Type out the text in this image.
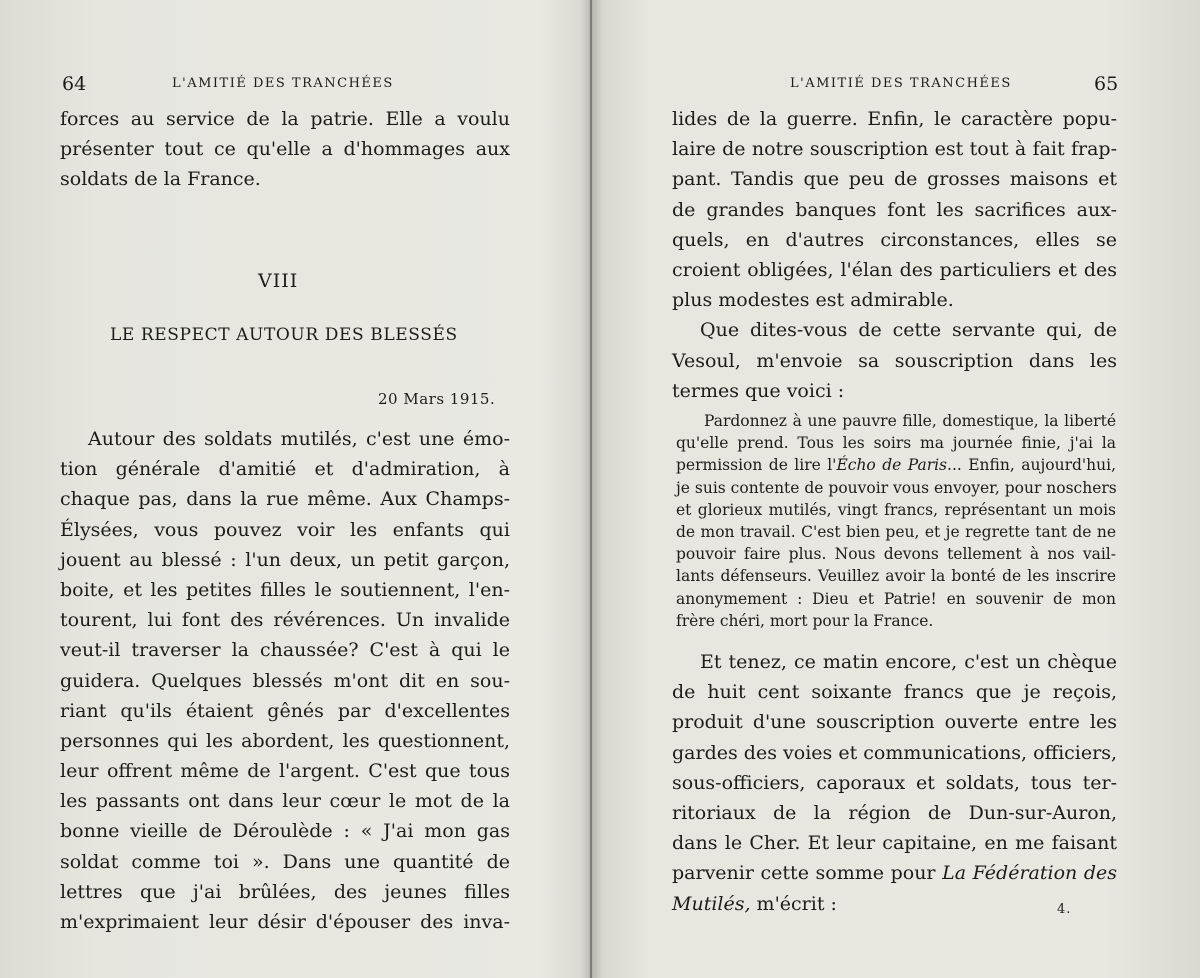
64	L'AMITIÉ DES TRANCHÉES
forces au service de la patrie. Elle a voulu
présenter tout ce qu'elle a d'hommages aux
soldats de la France.
VIII
LE RESPECT AUTOUR DES BLESSÉS
20 Mars 1915.
Autour des soldats mutilés, c'est une émo-
tion générale d'amitié et d'admiration, à
chaque pas, dans la rue même. Aux Champs-
Élysées, vous pouvez voir les enfants qui
jouent au blessé : l'un deux, un petit garçon,
boite, et les petites filles le soutiennent, l'en-
tourent, lui font des révérences. Un invalide
veut-il traverser la chaussée? C'est à qui le
guidera. Quelques blessés m'ont dit en sou-
riant qu'ils étaient gênés par d'excellentes
personnes qui les abordent, les questionnent,
leur offrent même de l'argent. C'est que tous
les passants ont dans leur cœur le mot de la
bonne vieille de Déroulède : « J'ai mon gas
soldat comme toi ». Dans une quantité de
lettres que j'ai brûlées, des jeunes filles
m'exprimaient leur désir d'épouser des inva-
L'AMITIÉ DES TRANCHÉES	65
lides de la guerre. Enfin, le caractère popu-
laire de notre souscription est tout à fait frap-
pant. Tandis que peu de grosses maisons et
de grandes banques font les sacrifices aux-
quels, en d'autres circonstances, elles se
croient obligées, l'élan des particuliers et des
plus modestes est admirable.
Que dites-vous de cette servante qui, de
Vesoul, m'envoie sa souscription dans les
termes que voici :
Pardonnez à une pauvre fille, domestique, la liberté
qu'elle prend. Tous les soirs ma journée finie, j'ai la
permission de lire l'Écho de Paris... Enfin, aujourd'hui,
je suis contente de pouvoir vous envoyer, pour noschers
et glorieux mutilés, vingt francs, représentant un mois
de mon travail. C'est bien peu, et je regrette tant de ne
pouvoir faire plus. Nous devons tellement à nos vail-
lants défenseurs. Veuillez avoir la bonté de les inscrire
anonymement : Dieu et Patrie! en souvenir de mon
frère chéri, mort pour la France.
Et tenez, ce matin encore, c'est un chèque
de huit cent soixante francs que je reçois,
produit d'une souscription ouverte entre les
gardes des voies et communications, officiers,
sous-officiers, caporaux et soldats, tous ter-
ritoriaux de la région de Dun-sur-Auron,
dans le Cher. Et leur capitaine, en me faisant
parvenir cette somme pour La Fédération des
Mutilés, m'écrit :	4.
